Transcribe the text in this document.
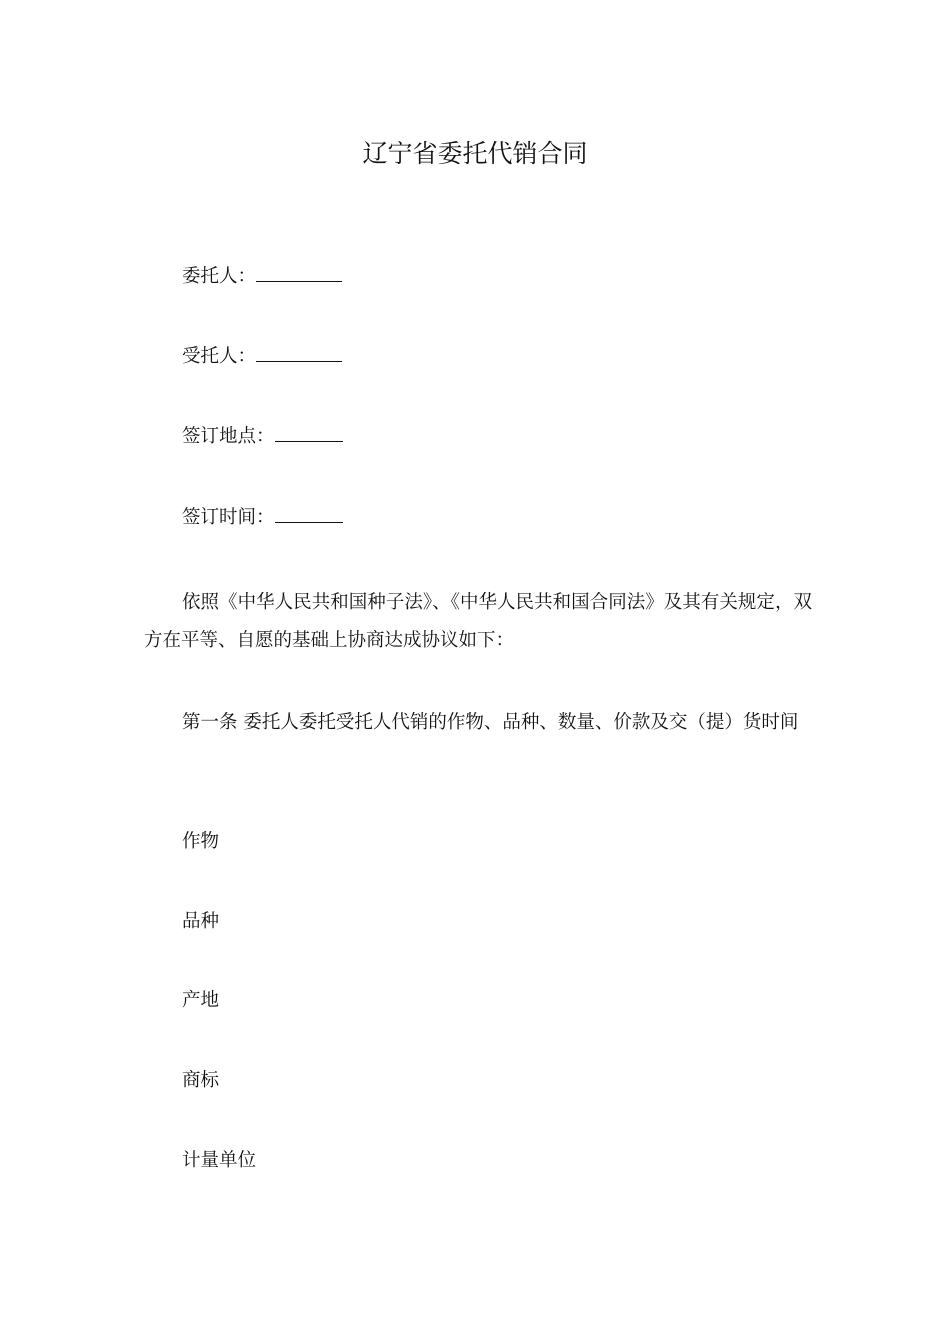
辽宁省委托代销合同
委托人：
受托人：
签订地点：
签订时间：
依照《中华人民共和国种子法》、《中华人民共和国合同法》及其有关规定，双方在平等、自愿的基础上协商达成协议如下：
第一条 委托人委托受托人代销的作物、品种、数量、价款及交（提）货时间
作物
品种
产地
商标
计量单位
